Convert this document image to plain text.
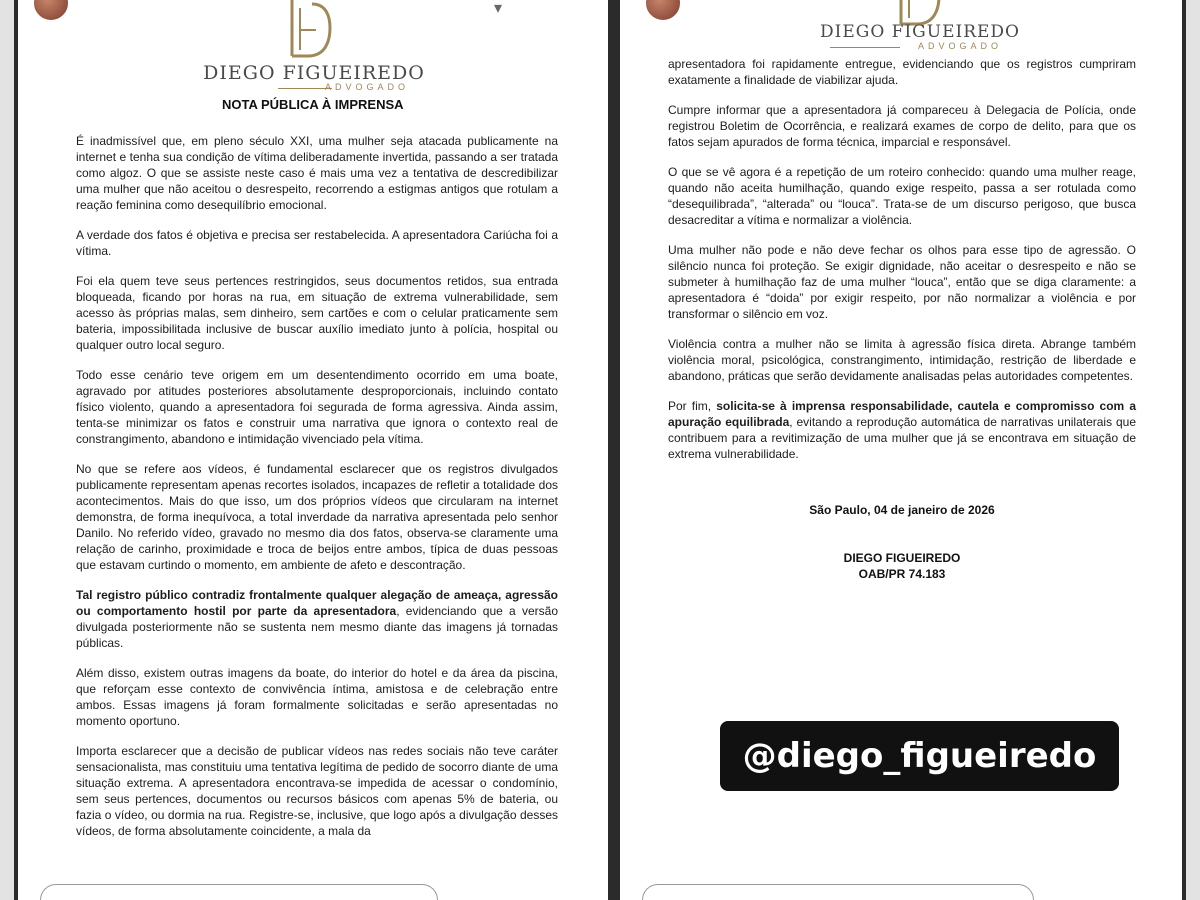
▾
DIEGO FIGUEIREDO
ADVOGADO
NOTA PÚBLICA À IMPRENSA

É inadmissível que, em pleno século XXI, uma mulher seja atacada publicamente na internet e tenha sua condição de vítima deliberadamente invertida, passando a ser tratada como algoz. O que se assiste neste caso é mais uma vez a tentativa de descredibilizar uma mulher que não aceitou o desrespeito, recorrendo a estigmas antigos que rotulam a reação feminina como desequilíbrio emocional.

A verdade dos fatos é objetiva e precisa ser restabelecida. A apresentadora Cariúcha foi a vítima.

Foi ela quem teve seus pertences restringidos, seus documentos retidos, sua entrada bloqueada, ficando por horas na rua, em situação de extrema vulnerabilidade, sem acesso às próprias malas, sem dinheiro, sem cartões e com o celular praticamente sem bateria, impossibilitada inclusive de buscar auxílio imediato junto à polícia, hospital ou qualquer outro local seguro.

Todo esse cenário teve origem em um desentendimento ocorrido em uma boate, agravado por atitudes posteriores absolutamente desproporcionais, incluindo contato físico violento, quando a apresentadora foi segurada de forma agressiva. Ainda assim, tenta-se minimizar os fatos e construir uma narrativa que ignora o contexto real de constrangimento, abandono e intimidação vivenciado pela vítima.

No que se refere aos vídeos, é fundamental esclarecer que os registros divulgados publicamente representam apenas recortes isolados, incapazes de refletir a totalidade dos acontecimentos. Mais do que isso, um dos próprios vídeos que circularam na internet demonstra, de forma inequívoca, a total inverdade da narrativa apresentada pelo senhor Danilo. No referido vídeo, gravado no mesmo dia dos fatos, observa-se claramente uma relação de carinho, proximidade e troca de beijos entre ambos, típica de duas pessoas que estavam curtindo o momento, em ambiente de afeto e descontração.

Tal registro público contradiz frontalmente qualquer alegação de ameaça, agressão ou comportamento hostil por parte da apresentadora, evidenciando que a versão divulgada posteriormente não se sustenta nem mesmo diante das imagens já tornadas públicas.

Além disso, existem outras imagens da boate, do interior do hotel e da área da piscina, que reforçam esse contexto de convivência íntima, amistosa e de celebração entre ambos. Essas imagens já foram formalmente solicitadas e serão apresentadas no momento oportuno.

Importa esclarecer que a decisão de publicar vídeos nas redes sociais não teve caráter sensacionalista, mas constituiu uma tentativa legítima de pedido de socorro diante de uma situação extrema. A apresentadora encontrava-se impedida de acessar o condomínio, sem seus pertences, documentos ou recursos básicos com apenas 5% de bateria, ou fazia o vídeo, ou dormia na rua. Registre-se, inclusive, que logo após a divulgação desses vídeos, de forma absolutamente coincidente, a mala da

DIEGO FIGUEIREDO
ADVOGADO

apresentadora foi rapidamente entregue, evidenciando que os registros cumpriram exatamente a finalidade de viabilizar ajuda.

Cumpre informar que a apresentadora já compareceu à Delegacia de Polícia, onde registrou Boletim de Ocorrência, e realizará exames de corpo de delito, para que os fatos sejam apurados de forma técnica, imparcial e responsável.

O que se vê agora é a repetição de um roteiro conhecido: quando uma mulher reage, quando não aceita humilhação, quando exige respeito, passa a ser rotulada como “desequilibrada”, “alterada” ou “louca”. Trata-se de um discurso perigoso, que busca desacreditar a vítima e normalizar a violência.

Uma mulher não pode e não deve fechar os olhos para esse tipo de agressão. O silêncio nunca foi proteção. Se exigir dignidade, não aceitar o desrespeito e não se submeter à humilhação faz de uma mulher “louca”, então que se diga claramente: a apresentadora é “doida” por exigir respeito, por não normalizar a violência e por transformar o silêncio em voz.

Violência contra a mulher não se limita à agressão física direta. Abrange também violência moral, psicológica, constrangimento, intimidação, restrição de liberdade e abandono, práticas que serão devidamente analisadas pelas autoridades competentes.

Por fim, solicita-se à imprensa responsabilidade, cautela e compromisso com a apuração equilibrada, evitando a reprodução automática de narrativas unilaterais que contribuem para a revitimização de uma mulher que já se encontrava em situação de extrema vulnerabilidade.

São Paulo, 04 de janeiro de 2026
DIEGO FIGUEIREDO
OAB/PR 74.183
@diego_figueiredo
